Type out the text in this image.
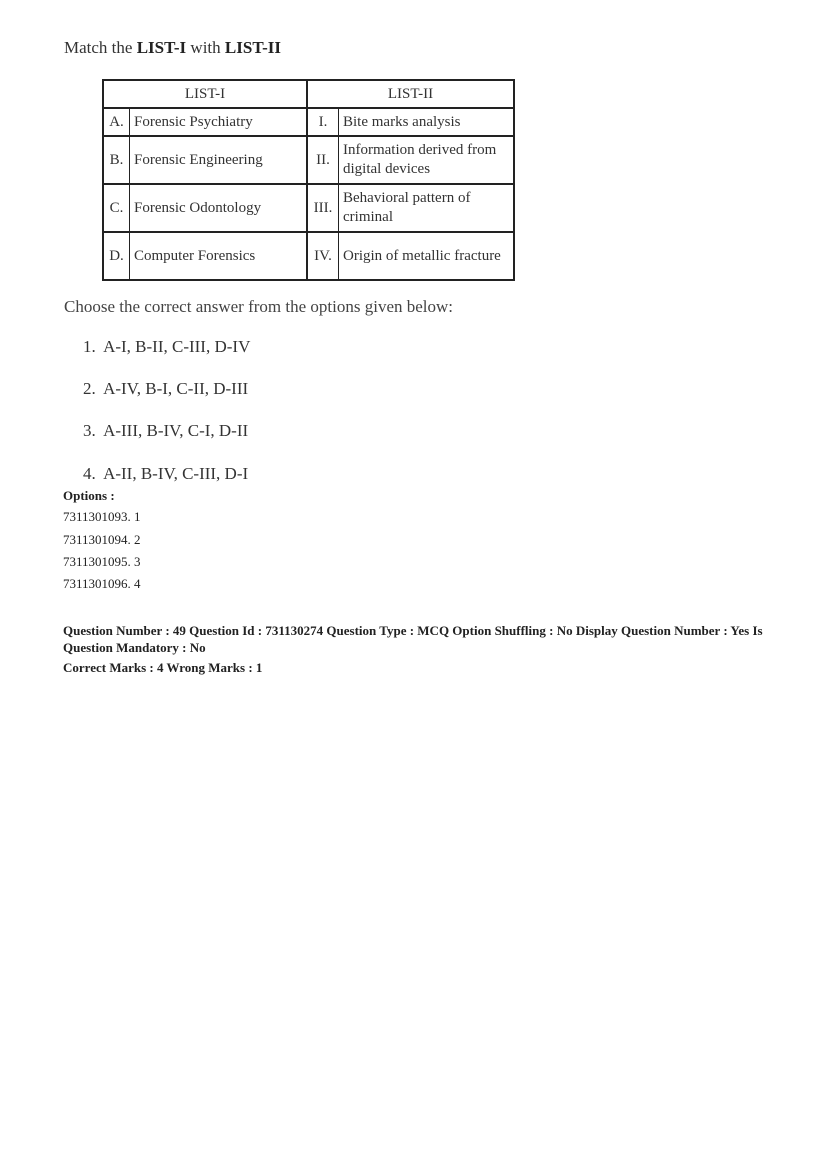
Match the LIST-I with LIST-II
LIST-I		LIST-II	
A.	Forensic Psychiatry	I.	Bite marks analysis
B.	Forensic Engineering	II.	Information derived from digital devices
C.	Forensic Odontology	III.	Behavioral pattern of criminal
D.	Computer Forensics	IV.	Origin of metallic fracture
Choose the correct answer from the options given below:
1. A-I, B-II, C-III, D-IV
2. A-IV, B-I, C-II, D-III
3. A-III, B-IV, C-I, D-II
4. A-II, B-IV, C-III, D-I
Options :
7311301093. 1
7311301094. 2
7311301095. 3
7311301096. 4
Question Number : 49 Question Id : 731130274 Question Type : MCQ Option Shuffling : No Display Question Number : Yes Is Question Mandatory : No
Correct Marks : 4 Wrong Marks : 1
